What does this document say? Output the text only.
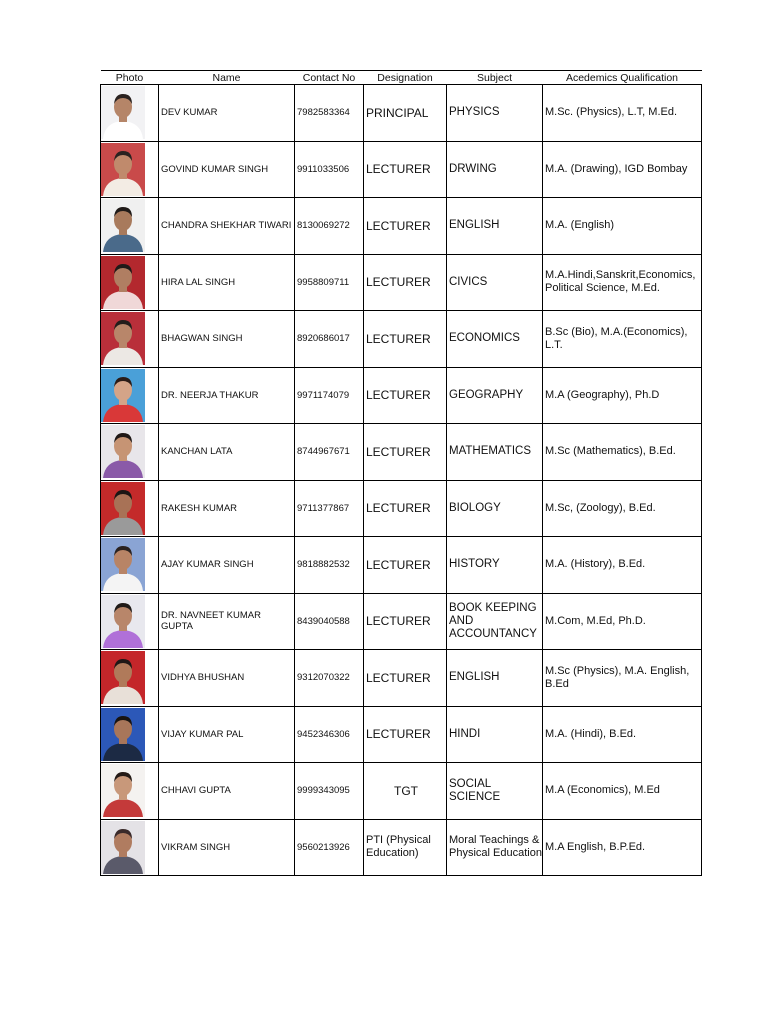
Photo	Name	Contact No	Designation	Subject	Acedemics Qualification

	DEV KUMAR	7982583364	PRINCIPAL	PHYSICS	M.Sc. (Physics), L.T, M.Ed.

	GOVIND KUMAR SINGH	9911033506	LECTURER	DRWING	M.A. (Drawing), IGD Bombay

	CHANDRA SHEKHAR TIWARI	8130069272	LECTURER	ENGLISH	M.A. (English)

	HIRA LAL SINGH	9958809711	LECTURER	CIVICS	M.A.Hindi,Sanskrit,Economics, Political Science, M.Ed.

	BHAGWAN SINGH	8920686017	LECTURER	ECONOMICS	B.Sc (Bio), M.A.(Economics), L.T.

	DR. NEERJA THAKUR	9971174079	LECTURER	GEOGRAPHY	M.A (Geography), Ph.D

	KANCHAN LATA	8744967671	LECTURER	MATHEMATICS	M.Sc (Mathematics), B.Ed.

	RAKESH KUMAR	9711377867	LECTURER	BIOLOGY	M.Sc, (Zoology), B.Ed.

	AJAY KUMAR SINGH	9818882532	LECTURER	HISTORY	M.A. (History), B.Ed.

	DR. NAVNEET KUMAR GUPTA	8439040588	LECTURER	BOOK KEEPING AND ACCOUNTANCY	M.Com, M.Ed, Ph.D.

	VIDHYA BHUSHAN	9312070322	LECTURER	ENGLISH	M.Sc (Physics), M.A. English, B.Ed

	VIJAY KUMAR PAL	9452346306	LECTURER	HINDI	M.A. (Hindi), B.Ed.

	CHHAVI GUPTA	9999343095	TGT	SOCIAL SCIENCE	M.A (Economics), M.Ed

	VIKRAM SINGH	9560213926	PTI (Physical Education)	Moral Teachings & Physical Education	M.A English, B.P.Ed.
